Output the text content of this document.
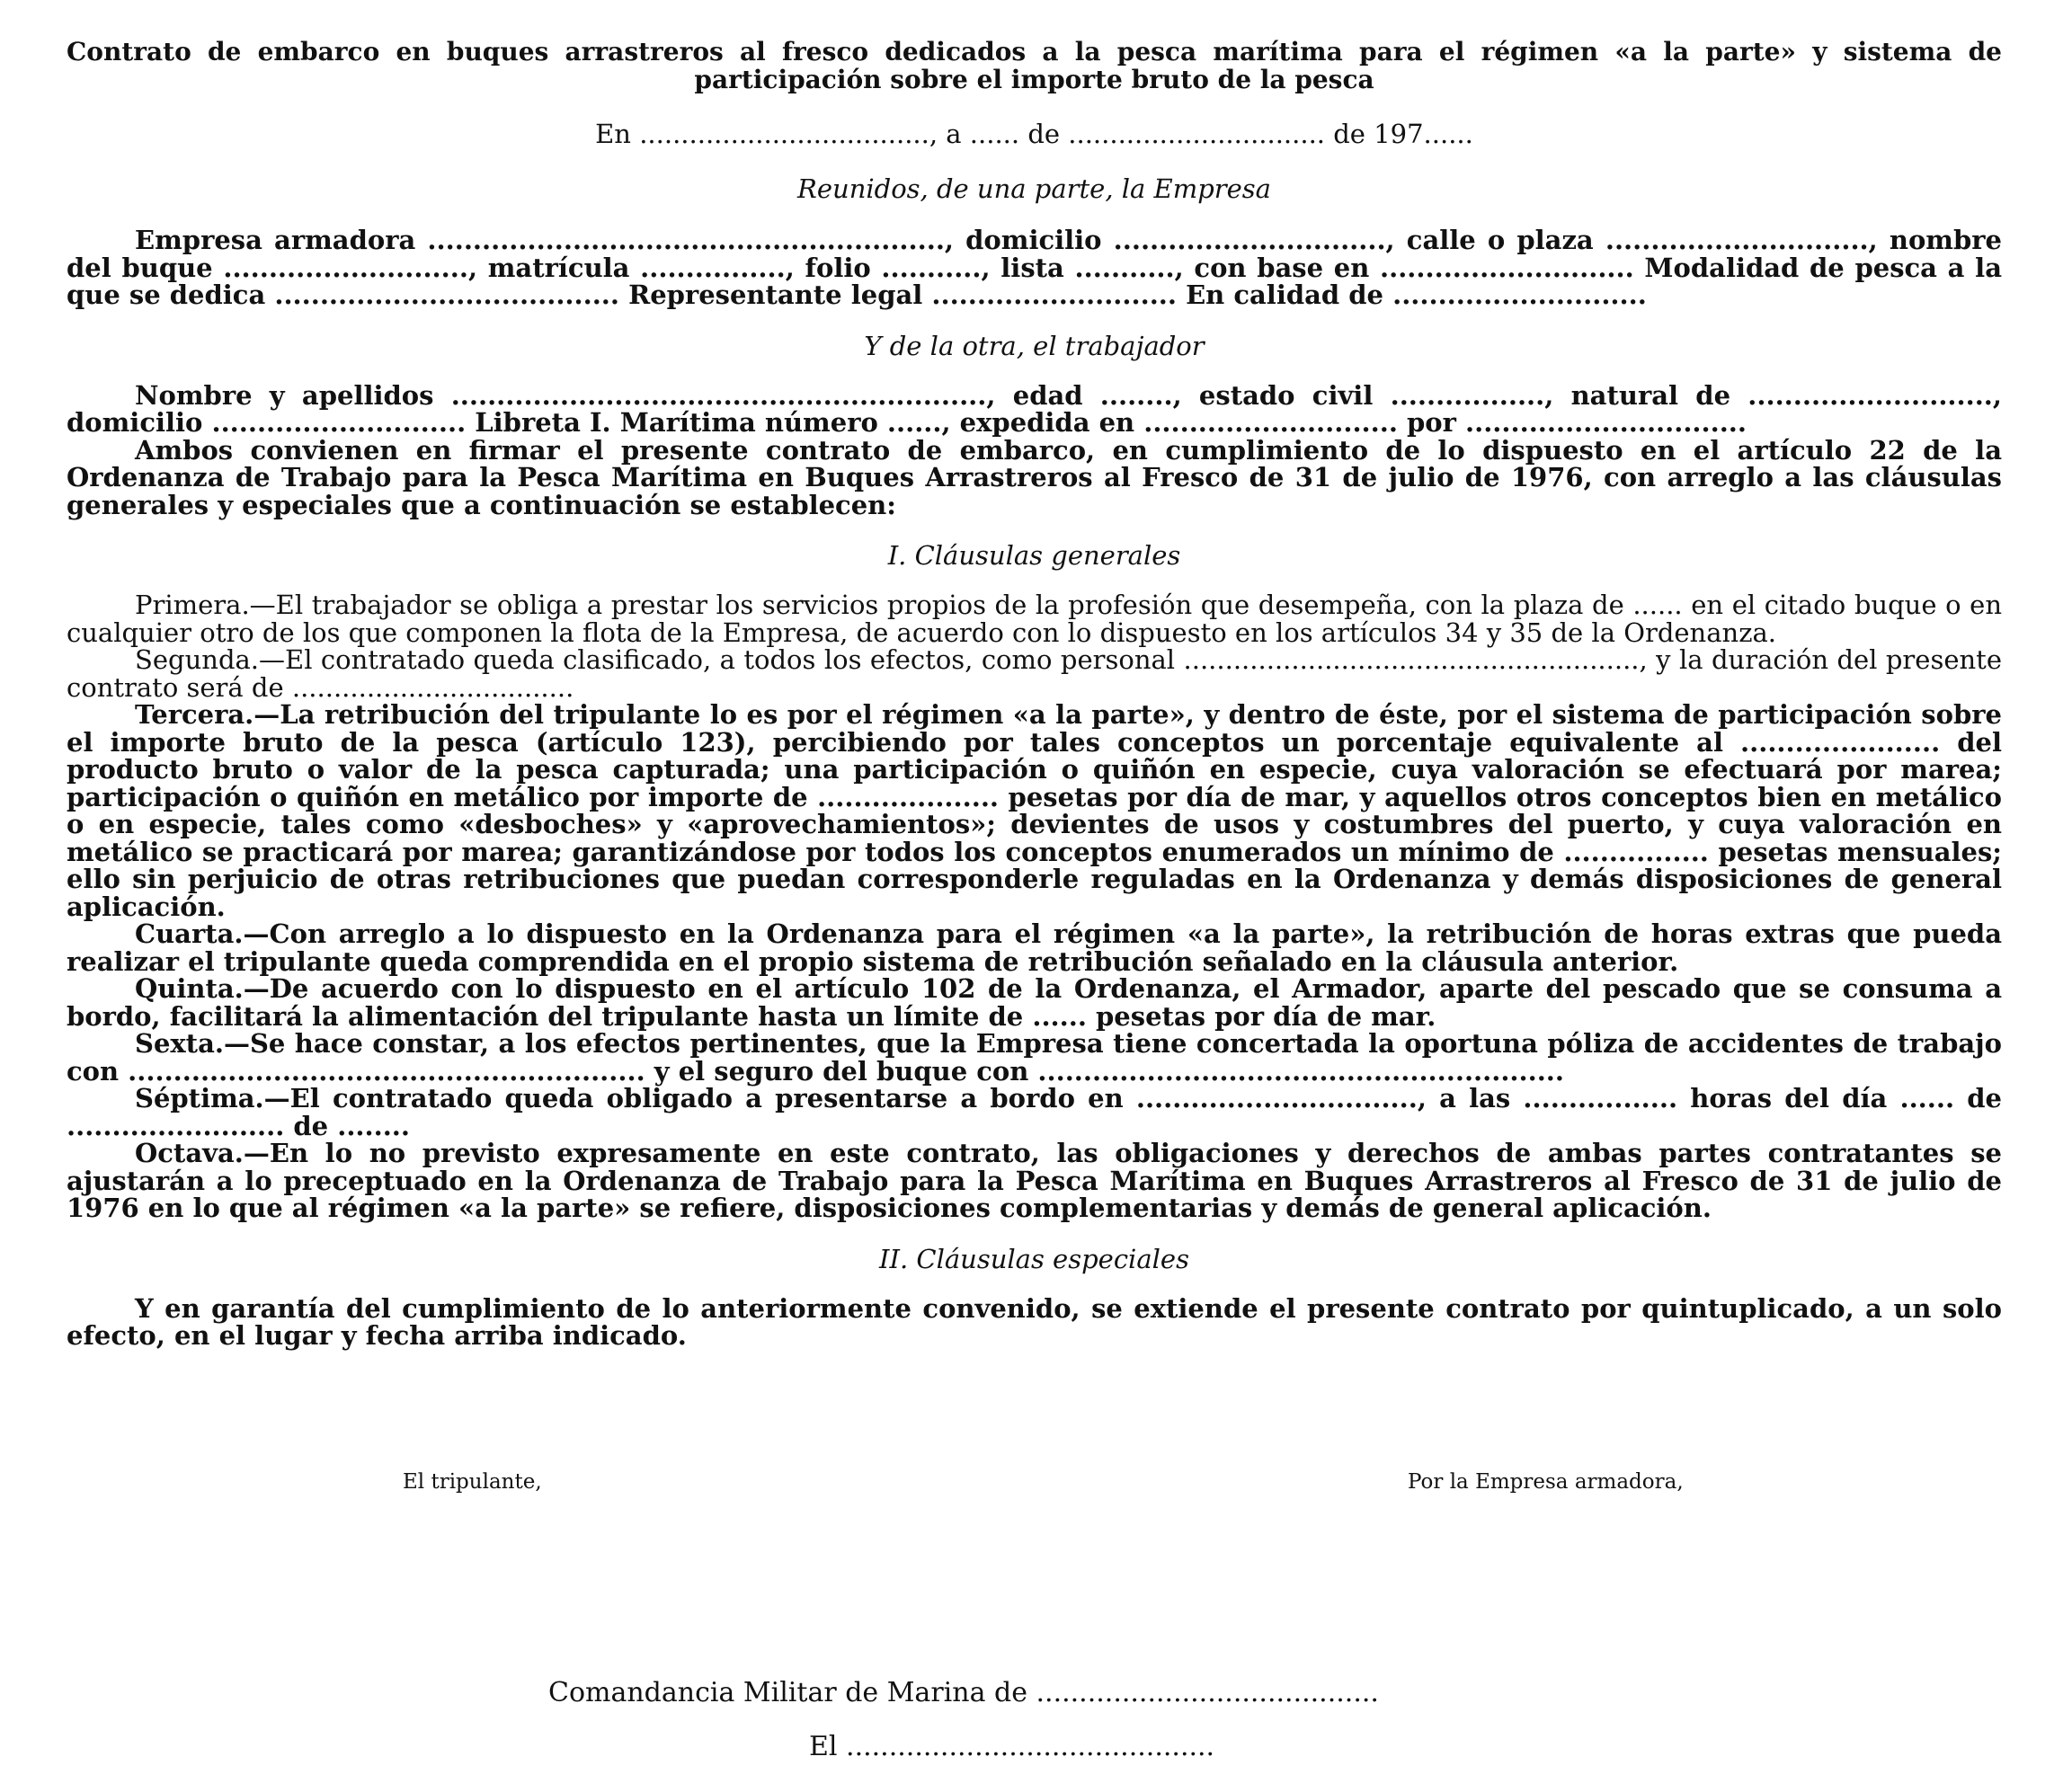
Contrato de embarco en buques arrastreros al fresco dedicados a la pesca marítima para el régimen «a la parte» y sistema de participación sobre el importe bruto de la pesca

En ..................................., a ...... de ............................... de 197......

Reunidos, de una parte, la Empresa

Empresa armadora ........................................................., domicilio .............................., calle o plaza ............................., nombre del buque ..........................., matrícula ................, folio ..........., lista ..........., con base en ............................ Modalidad de pesca a la que se dedica ...................................... Representante legal ........................... En calidad de ............................

Y de la otra, el trabajador

Nombre y apellidos ..........................................................., edad ........, estado civil ................., natural de ..........................., domicilio ............................ Libreta I. Marítima número ......, expedida en ............................ por ...............................

Ambos convienen en firmar el presente contrato de embarco, en cumplimiento de lo dispuesto en el artículo 22 de la Ordenanza de Trabajo para la Pesca Marítima en Buques Arrastreros al Fresco de 31 de julio de 1976, con arreglo a las cláusulas generales y especiales que a continuación se establecen:

I. Cláusulas generales

Primera.—El trabajador se obliga a prestar los servicios propios de la profesión que desempeña, con la plaza de ...... en el citado buque o en cualquier otro de los que componen la flota de la Empresa, de acuerdo con lo dispuesto en los artículos 34 y 35 de la Ordenanza.

Segunda.—El contratado queda clasificado, a todos los efectos, como personal ......................................................., y la duración del presente contrato será de ..................................

Tercera.—La retribución del tripulante lo es por el régimen «a la parte», y dentro de éste, por el sistema de participación sobre el importe bruto de la pesca (artículo 123), percibiendo por tales conceptos un porcentaje equivalente al ...................... del producto bruto o valor de la pesca capturada; una participación o quiñón en especie, cuya valoración se efectuará por marea; participación o quiñón en metálico por importe de .................... pesetas por día de mar, y aquellos otros conceptos bien en metálico o en especie, tales como «desboches» y «aprovechamientos»; devientes de usos y costumbres del puerto, y cuya valoración en metálico se practicará por marea; garantizándose por todos los conceptos enumerados un mínimo de ................ pesetas mensuales; ello sin perjuicio de otras retribuciones que puedan corresponderle reguladas en la Ordenanza y demás disposiciones de general aplicación.

Cuarta.—Con arreglo a lo dispuesto en la Ordenanza para el régimen «a la parte», la retribución de horas extras que pueda realizar el tripulante queda comprendida en el propio sistema de retribución señalado en la cláusula anterior.

Quinta.—De acuerdo con lo dispuesto en el artículo 102 de la Ordenanza, el Armador, aparte del pescado que se consuma a bordo, facilitará la alimentación del tripulante hasta un límite de ...... pesetas por día de mar.

Sexta.—Se hace constar, a los efectos pertinentes, que la Empresa tiene concertada la oportuna póliza de accidentes de trabajo con ......................................................... y el seguro del buque con ..........................................................

Séptima.—El contratado queda obligado a presentarse a bordo en ..............................., a las ................. horas del día ...... de ........................ de ........

Octava.—En lo no previsto expresamente en este contrato, las obligaciones y derechos de ambas partes contratantes se ajustarán a lo preceptuado en la Ordenanza de Trabajo para la Pesca Marítima en Buques Arrastreros al Fresco de 31 de julio de 1976 en lo que al régimen «a la parte» se refiere, disposiciones complementarias y demás de general aplicación.

II. Cláusulas especiales

Y en garantía del cumplimiento de lo anteriormente convenido, se extiende el presente contrato por quintuplicado, a un solo efecto, en el lugar y fecha arriba indicado.

El tripulante,	Por la Empresa armadora,
Comandancia Militar de Marina de ........................................
El ...........................................
